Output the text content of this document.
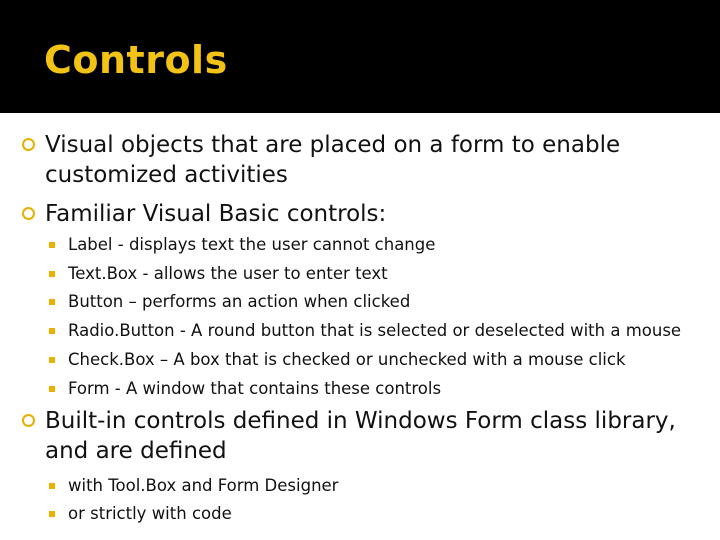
Controls
Visual objects that are placed on a form to enable customized activities
Familiar Visual Basic controls:
Label - displays text the user cannot change
Text.Box - allows the user to enter text
Button – performs an action when clicked
Radio.Button - A round button that is selected or deselected with a mouse
Check.Box – A box that is checked or unchecked with a mouse click
Form - A window that contains these controls
Built-in controls defined in Windows Form class library, and are defined
with Tool.Box and Form Designer
or strictly with code
